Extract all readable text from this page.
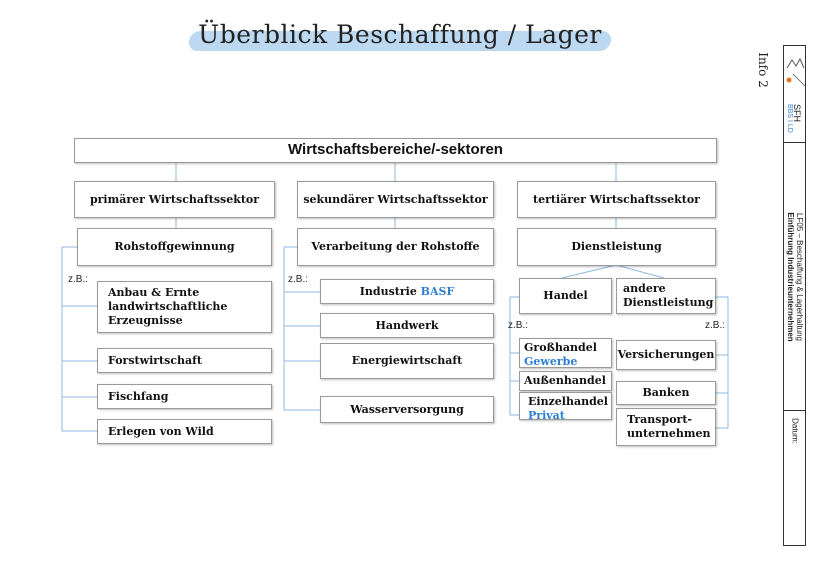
Überblick Beschaffung / Lager
Info 2
Wirtschaftsbereiche/-sektoren
primärer Wirtschaftssektor	sekundärer Wirtschaftssektor	tertiärer Wirtschaftssektor
Rohstoffgewinnung	Verarbeitung der Rohstoffe	Dienstleistung
z.B.:	z.B.:
z.B.:	z.B.:
Anbau & Ernte landwirtschaftliche Erzeugnisse
Forstwirtschaft
Fischfang
Erlegen von Wild
Industrie
BASF
Handwerk
Energiewirtschaft
Wasserversorgung
Handel
andere Dienstleistung
Großhandel
Gewerbe
Außenhandel
Einzelhandel
Privat
Versicherungen
Banken
Transport-unternehmen
SFH
BBS I LD
LF05 – Beschaffung & Lagerhaltung
Einführung Industrieunternehmen
Datum:
